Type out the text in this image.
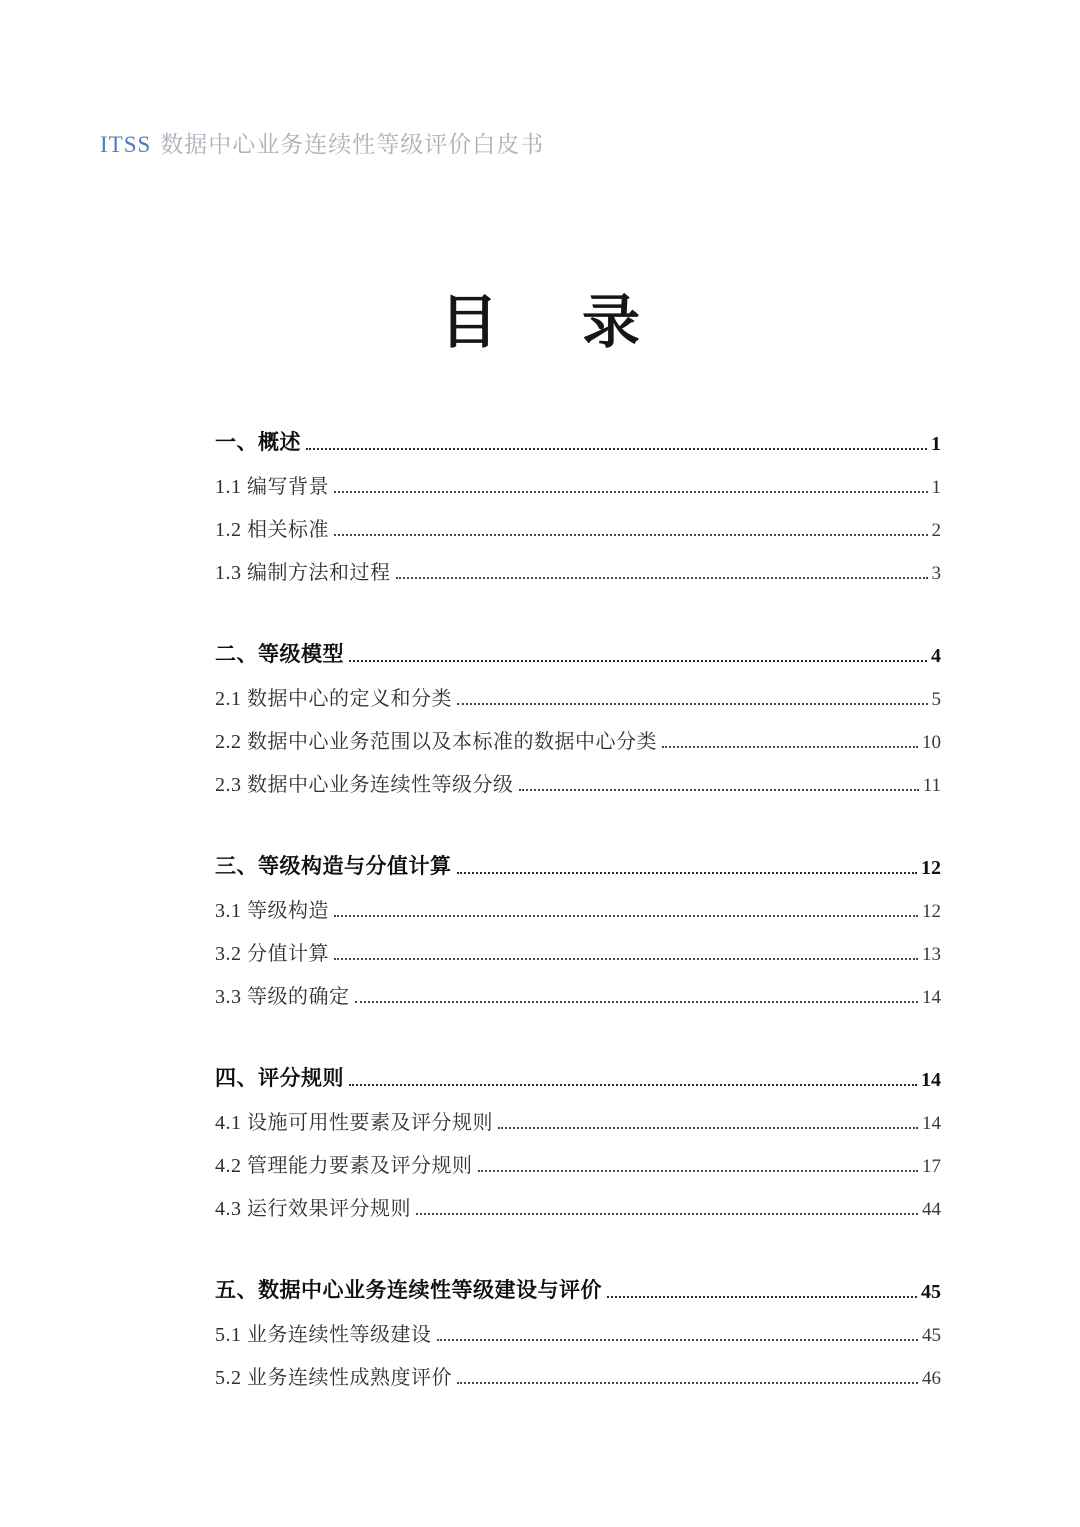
ITSS 数据中心业务连续性等级评价白皮书
目 录
一、概述	1
1.1 编写背景	1
1.2 相关标准	2
1.3 编制方法和过程	3
二、等级模型	4
2.1 数据中心的定义和分类	5
2.2 数据中心业务范围以及本标准的数据中心分类	10
2.3 数据中心业务连续性等级分级	11
三、等级构造与分值计算	12
3.1 等级构造	12
3.2 分值计算	13
3.3 等级的确定	14
四、评分规则	14
4.1 设施可用性要素及评分规则	14
4.2 管理能力要素及评分规则	17
4.3 运行效果评分规则	44
五、数据中心业务连续性等级建设与评价	45
5.1 业务连续性等级建设	45
5.2 业务连续性成熟度评价	46
